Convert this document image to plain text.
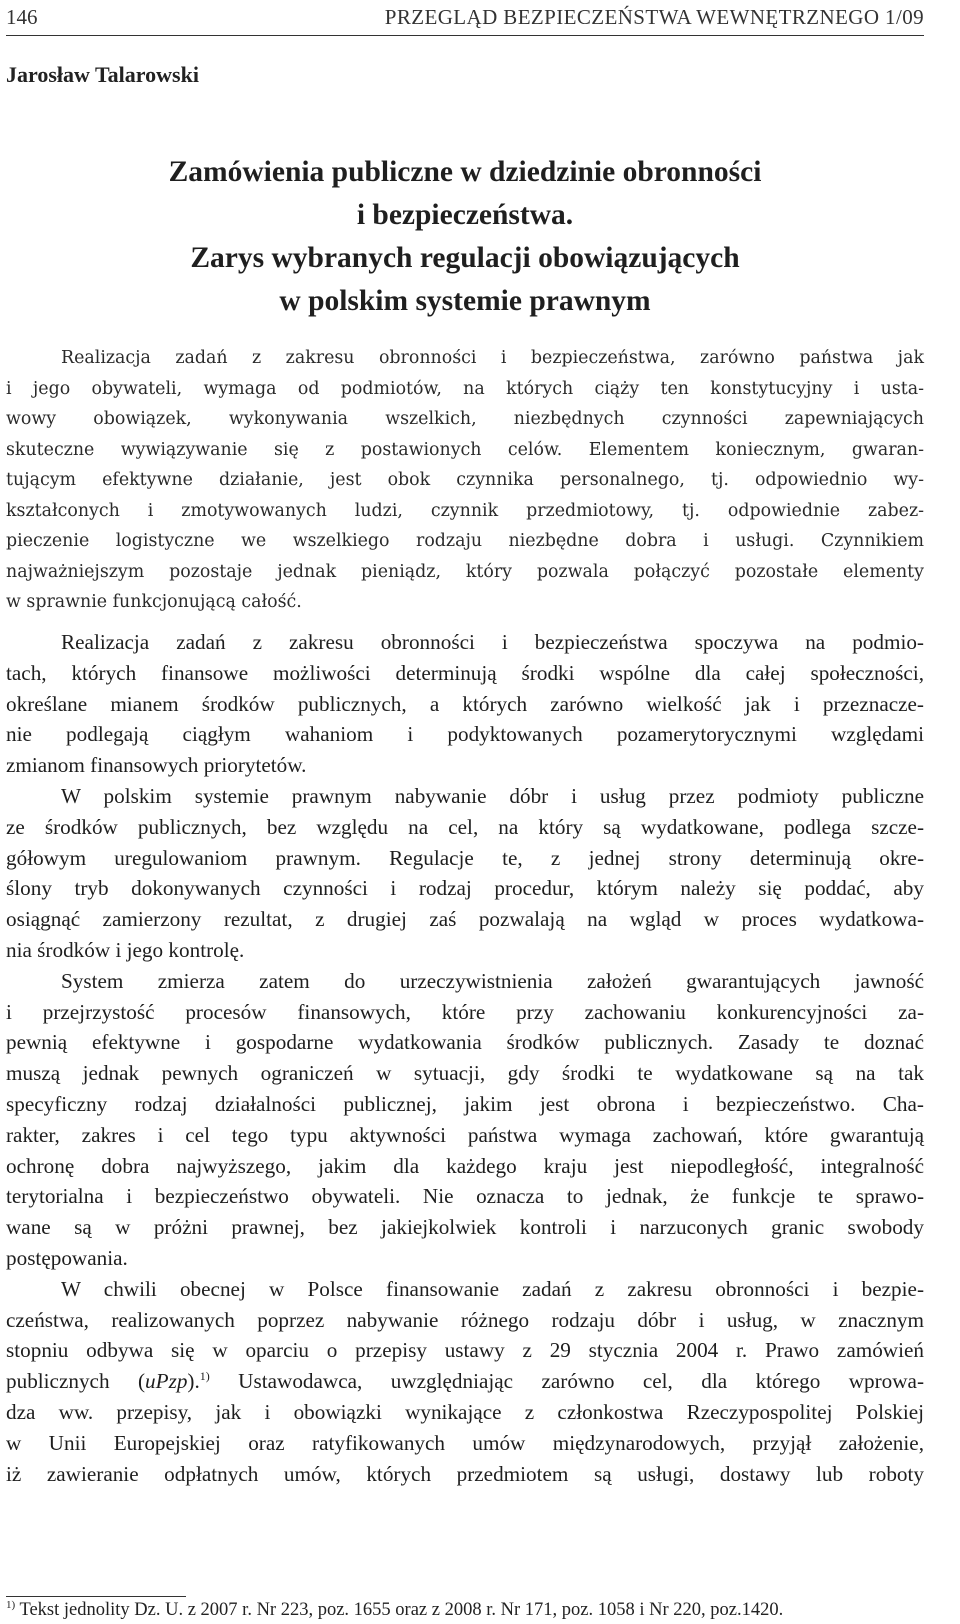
146	PRZEGLĄD BEZPIECZEŃSTWA WEWNĘTRZNEGO 1/09
Jarosław Talarowski
Zamówienia publiczne w dziedzinie obronności
i bezpieczeństwa.
Zarys wybranych regulacji obowiązujących
w polskim systemie prawnym
Realizacja zadań z zakresu obronności i bezpieczeństwa, zarówno państwa jak
i jego obywateli, wymaga od podmiotów, na których ciąży ten konstytucyjny i usta-
wowy obowiązek, wykonywania wszelkich, niezbędnych czynności zapewniających
skuteczne wywiązywanie się z postawionych celów. Elementem koniecznym, gwaran-
tującym efektywne działanie, jest obok czynnika personalnego, tj. odpowiednio wy-
kształconych i zmotywowanych ludzi, czynnik przedmiotowy, tj. odpowiednie zabez-
pieczenie logistyczne we wszelkiego rodzaju niezbędne dobra i usługi. Czynnikiem
najważniejszym pozostaje jednak pieniądz, który pozwala połączyć pozostałe elementy
w sprawnie funkcjonującą całość.
Realizacja zadań z zakresu obronności i bezpieczeństwa spoczywa na podmio-
tach, których finansowe możliwości determinują środki wspólne dla całej społeczności,
określane mianem środków publicznych, a których zarówno wielkość jak i przeznacze-
nie podlegają ciągłym wahaniom i podyktowanych pozamerytorycznymi względami
zmianom finansowych priorytetów.
W polskim systemie prawnym nabywanie dóbr i usług przez podmioty publiczne
ze środków publicznych, bez względu na cel, na który są wydatkowane, podlega szcze-
gółowym uregulowaniom prawnym. Regulacje te, z jednej strony determinują okre-
ślony tryb dokonywanych czynności i rodzaj procedur, którym należy się poddać, aby
osiągnąć zamierzony rezultat, z drugiej zaś pozwalają na wgląd w proces wydatkowa-
nia środków i jego kontrolę.
System zmierza zatem do urzeczywistnienia założeń gwarantujących jawność
i przejrzystość procesów finansowych, które przy zachowaniu konkurencyjności za-
pewnią efektywne i gospodarne wydatkowania środków publicznych. Zasady te doznać
muszą jednak pewnych ograniczeń w sytuacji, gdy środki te wydatkowane są na tak
specyficzny rodzaj działalności publicznej, jakim jest obrona i bezpieczeństwo. Cha-
rakter, zakres i cel tego typu aktywności państwa wymaga zachowań, które gwarantują
ochronę dobra najwyższego, jakim dla każdego kraju jest niepodległość, integralność
terytorialna i bezpieczeństwo obywateli. Nie oznacza to jednak, że funkcje te sprawo-
wane są w próżni prawnej, bez jakiejkolwiek kontroli i narzuconych granic swobody
postępowania.
W chwili obecnej w Polsce finansowanie zadań z zakresu obronności i bezpie-
czeństwa, realizowanych poprzez nabywanie różnego rodzaju dóbr i usług, w znacznym
stopniu odbywa się w oparciu o przepisy ustawy z 29 stycznia 2004 r. Prawo zamówień
publicznych (uPzp).$^{1)}$ Ustawodawca, uwzględniając zarówno cel, dla którego wprowa-
dza ww. przepisy, jak i obowiązki wynikające z członkostwa Rzeczypospolitej Polskiej
w Unii Europejskiej oraz ratyfikowanych umów międzynarodowych, przyjął założenie,
iż zawieranie odpłatnych umów, których przedmiotem są usługi, dostawy lub roboty
$^{1)}$ Tekst jednolity Dz. U. z 2007 r. Nr 223, poz. 1655 oraz z 2008 r. Nr 171, poz. 1058 i Nr 220, poz.1420.
